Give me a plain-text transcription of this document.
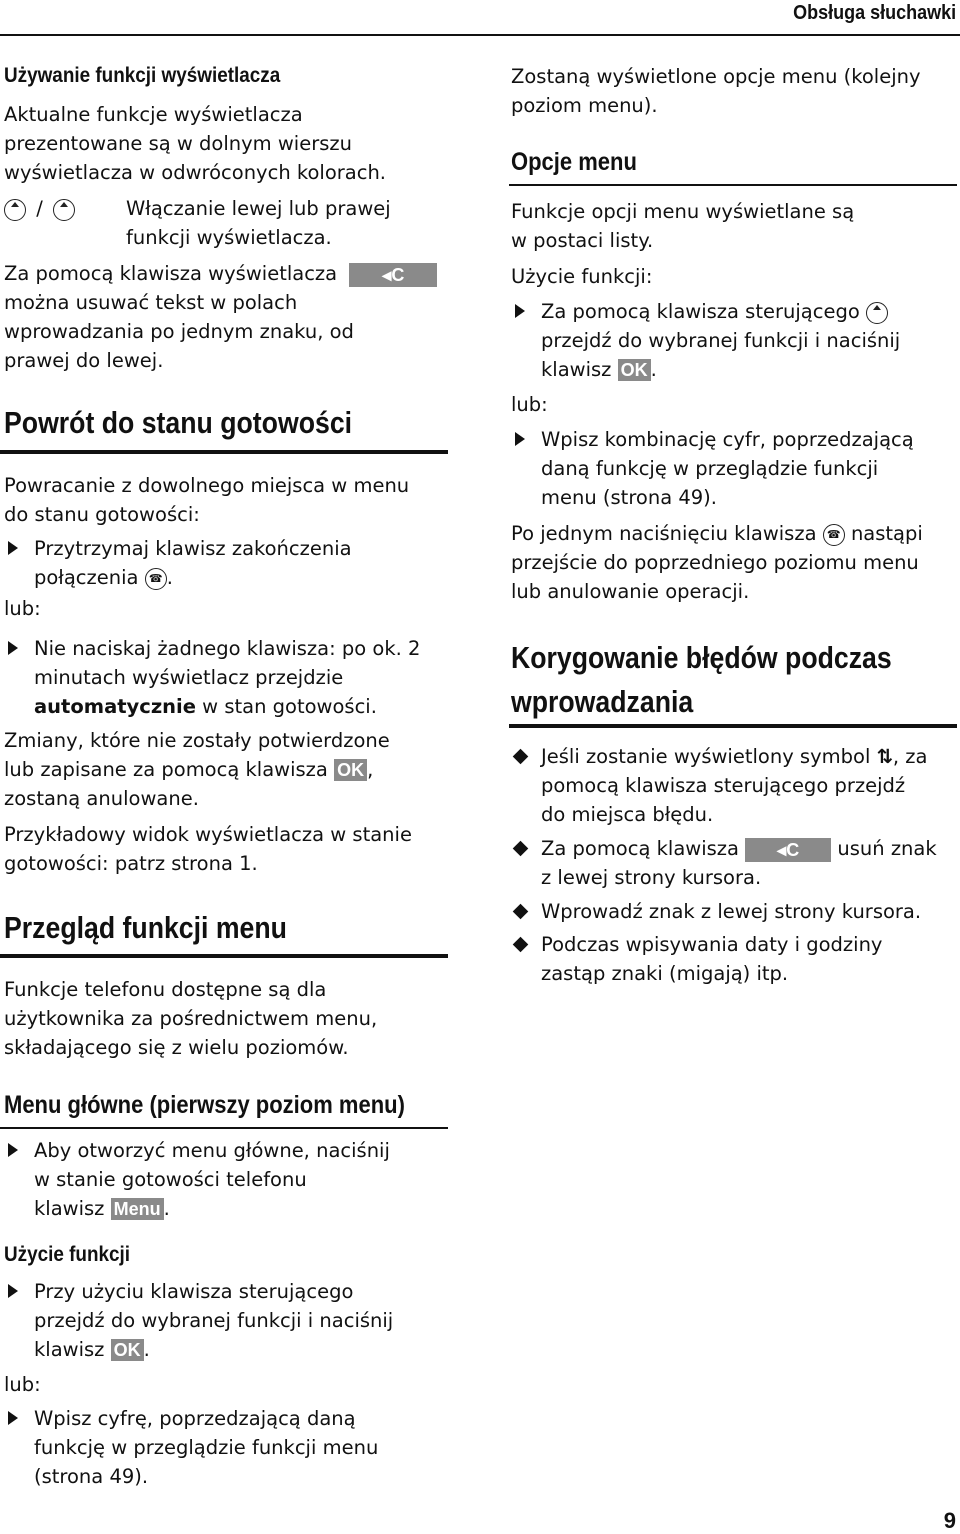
Obsługa słuchawki
Używanie funkcji wyświetlacza
Aktualne funkcje wyświetlacza
prezentowane są w dolnym wierszu
wyświetlacza w odwróconych kolorach.
/	Włączanie lewej lub prawej
funkcji wyświetlacza.
Za pomocą klawisza wyświetlacza	◂C
można usuwać tekst w polach
wprowadzania po jednym znaku, od
prawej do lewej.
Powrót do stanu gotowości
Powracanie z dowolnego miejsca w menu
do stanu gotowości:
Przytrzymaj klawisz zakończenia
połączenia ☎ .
lub:
Nie naciskaj żadnego klawisza: po ok. 2
minutach wyświetlacz przejdzie
automatycznie w stan gotowości.
Zmiany, które nie zostały potwierdzone
lub zapisane za pomocą klawisza OK ,
zostaną anulowane.
Przykładowy widok wyświetlacza w stanie
gotowości: patrz strona 1.
Przegląd funkcji menu
Funkcje telefonu dostępne są dla
użytkownika za pośrednictwem menu,
składającego się z wielu poziomów.
Menu główne (pierwszy poziom menu)
Aby otworzyć menu główne, naciśnij
w stanie gotowości telefonu
klawisz Menu .
Użycie funkcji
Przy użyciu klawisza sterującego
przejdź do wybranej funkcji i naciśnij
klawisz OK .
lub:
Wpisz cyfrę, poprzedzającą daną
funkcję w przeglądzie funkcji menu
(strona 49).
Zostaną wyświetlone opcje menu (kolejny
poziom menu).
Opcje menu
Funkcje opcji menu wyświetlane są
w postaci listy.
Użycie funkcji:
Za pomocą klawisza sterującego
przejdź do wybranej funkcji i naciśnij
klawisz OK .
lub:
Wpisz kombinację cyfr, poprzedzającą
daną funkcję w przeglądzie funkcji
menu (strona 49).
Po jednym naciśnięciu klawisza ☎ nastąpi
przejście do poprzedniego poziomu menu
lub anulowanie operacji.
Korygowanie błędów podczas
wprowadzania
Jeśli zostanie wyświetlony symbol ⇅, za
pomocą klawisza sterującego przejdź
do miejsca błędu.
Za pomocą klawisza ◂C usuń znak
z lewej strony kursora.
Wprowadź znak z lewej strony kursora.
Podczas wpisywania daty i godziny
zastąp znaki (migają) itp.
9
